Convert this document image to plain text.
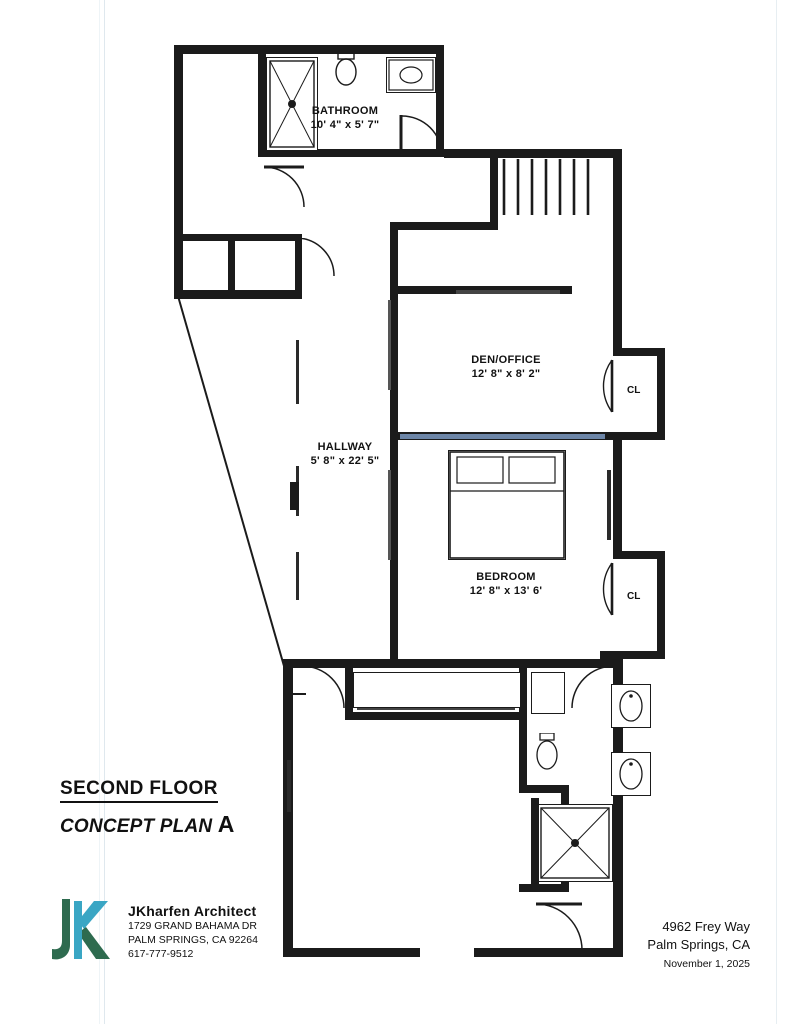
CL
CL
BATHROOM
10' 4" x 5' 7"
DEN/OFFICE
12' 8" x 8' 2"
HALLWAY
5' 8" x 22' 5"
BEDROOM
12' 8" x 13' 6'
SECOND FLOOR
CONCEPT PLAN A
JKharfen Architect
1729 GRAND BAHAMA DR
PALM SPRINGS, CA 92264
617-777-9512
4962 Frey Way
Palm Springs, CA
November 1, 2025
